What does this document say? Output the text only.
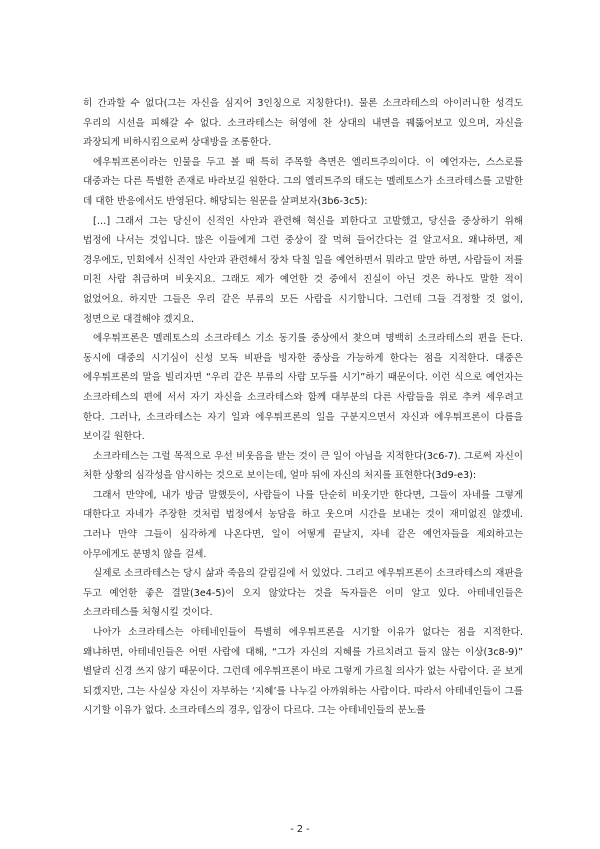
히 간과할 수 없다(그는 자신을 심지어 3인칭으로 지칭한다!). 물론 소크라테스의 아이러니한 성격도 우리의 시선을 피해갈 수 없다. 소크라테스는 허영에 찬 상대의 내면을 꿰뚫어보고 있으며, 자신을 과장되게 비하시킴으로써 상대방을 조롱한다.

에우튀프론이라는 인물을 두고 볼 때 특히 주목할 측면은 엘리트주의이다. 이 예언자는, 스스로를 대중과는 다른 특별한 존재로 바라보길 원한다. 그의 엘리트주의 태도는 멜레토스가 소크라테스를 고발한 데 대한 반응에서도 반영된다. 해당되는 원문을 살펴보자(3b6-3c5):

[…] 그래서 그는 당신이 신적인 사안과 관련해 혁신을 꾀한다고 고발했고, 당신을 중상하기 위해 법정에 나서는 것입니다. 많은 이들에게 그런 중상이 잘 먹혀 들어간다는 걸 알고서요. 왜냐하면, 제 경우에도, 민회에서 신적인 사안과 관련해서 장차 닥칠 일을 예언하면서 뭐라고 말만 하면, 사람들이 저를 미친 사람 취급하며 비웃지요. 그래도 제가 예언한 것 중에서 진실이 아닌 것은 하나도 말한 적이 없었어요. 하지만 그들은 우리 같은 부류의 모든 사람을 시기합니다. 그런데 그들 걱정할 것 없이, 정면으로 대결해야 겠지요.

에우튀프론은 멜레토스의 소크라테스 기소 동기를 중상에서 찾으며 명백히 소크라테스의 편을 든다. 동시에 대중의 시기심이 신성 모독 비판을 빙자한 중상을 가능하게 한다는 점을 지적한다. 대중은 에우튀프론의 말을 빌리자면 “우리 같은 부류의 사람 모두를 시기”하기 때문이다. 이런 식으로 예언자는 소크라테스의 편에 서서 자기 자신을 소크라테스와 함께 대부분의 다른 사람들을 위로 추켜 세우려고 한다. 그러나, 소크라테스는 자기 일과 에우튀프론의 일을 구분지으면서 자신과 에우튀프론이 다름을 보이길 원한다.

소크라테스는 그럴 목적으로 우선 비웃음을 받는 것이 큰 일이 아님을 지적한다(3c6-7). 그로써 자신이 처한 상황의 심각성을 암시하는 것으로 보이는데, 얼마 뒤에 자신의 처지를 표현한다(3d9-e3):

그래서 만약에, 내가 방금 말했듯이, 사람들이 나를 단순히 비웃기만 한다면, 그들이 자네를 그렇게 대한다고 자네가 주장한 것처럼 법정에서 농담을 하고 웃으며 시간을 보내는 것이 재미없진 않겠네. 그러나 만약 그들이 심각하게 나온다면, 일이 어떻게 끝날지, 자네 같은 예언자들을 제외하고는 아무에게도 분명치 않을 걸세.

실제로 소크라테스는 당시 삶과 죽음의 갈림길에 서 있었다. 그리고 에우튀프론이 소크라테스의 재판을 두고 예언한 좋은 결말(3e4-5)이 오지 않았다는 것을 독자들은 이미 알고 있다. 아테네인들은 소크라테스를 처형시킬 것이다.

나아가 소크라테스는 아테네인들이 특별히 에우튀프론을 시기할 이유가 없다는 점을 지적한다. 왜냐하면, 아테네인들은 어떤 사람에 대해, “그가 자신의 지혜를 가르치려고 들지 않는 이상(3c8-9)” 별달리 신경 쓰지 않기 때문이다. 그런데 에우튀프론이 바로 그렇게 가르칠 의사가 없는 사람이다. 곧 보게 되겠지만, 그는 사실상 자신이 자부하는 ‘지혜’를 나누길 아까워하는 사람이다. 따라서 아테네인들이 그를 시기할 이유가 없다. 소크라테스의 경우, 입장이 다르다. 그는 아테네인들의 분노를

- 2 -
